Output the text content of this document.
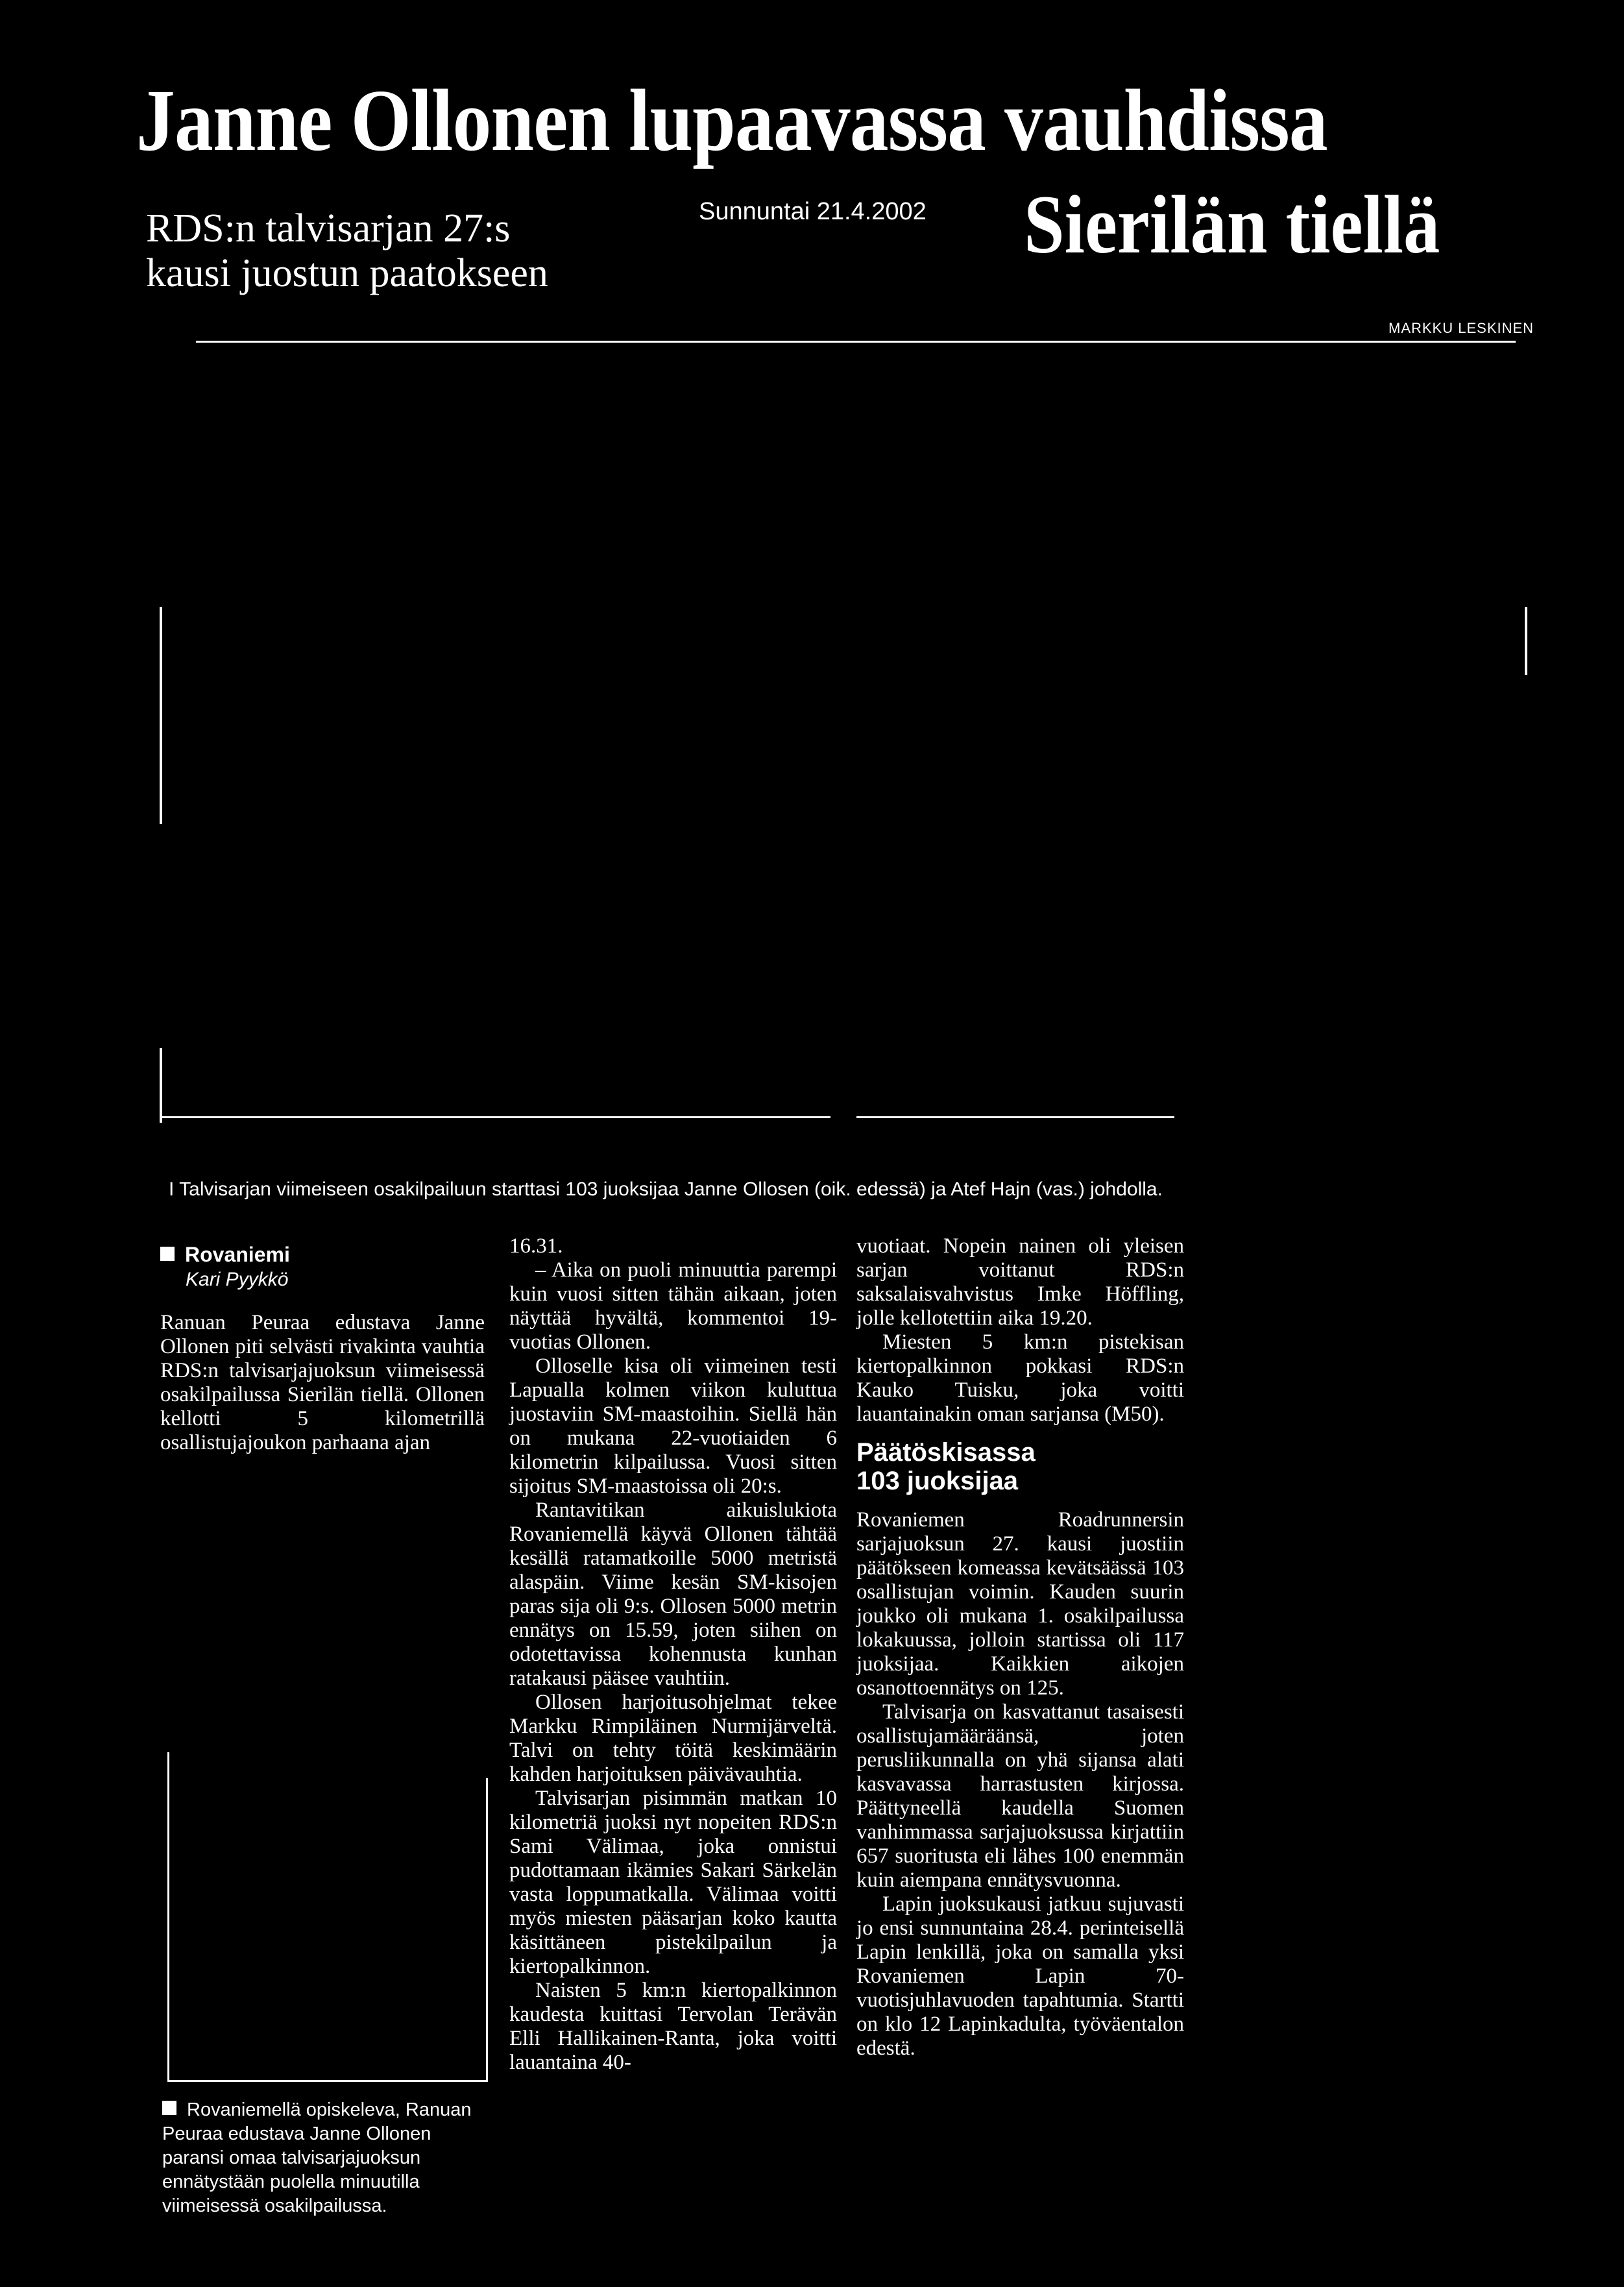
Janne Ollonen lupaavassa vauhdissa
RDS:n talvisarjan 27:s
kausi juostun paatokseen
Sunnuntai 21.4.2002 Sierilän tiellä
MARKKU LESKINEN
I Talvisarjan viimeiseen osakilpailuun starttasi 103 juoksijaa Janne Ollosen (oik. edessä) ja Atef Hajn (vas.) johdolla.
Rovaniemi
Kari Pyykkö

Ranuan Peuraa edustava Janne Ollonen piti selvästi rivakinta vauhtia RDS:n talvisarjajuoksun viimeisessä osakilpailussa Sierilän tiellä. Ollonen kellotti 5 kilometrillä osallistujajoukon parhaana ajan

Rovaniemellä opiskeleva, Ranuan Peuraa edustava Janne Ollonen paransi omaa talvisarjajuoksun ennätystään puolella minuutilla viimeisessä osakilpailussa.

16.31.

– Aika on puoli minuuttia parempi kuin vuosi sitten tähän aikaan, joten näyttää hyvältä, kommentoi 19-vuotias Ollonen.

Olloselle kisa oli viimeinen testi Lapualla kolmen viikon kuluttua juostaviin SM-maastoihin. Siellä hän on mukana 22-vuotiaiden 6 kilometrin kilpailussa. Vuosi sitten sijoitus SM-maastoissa oli 20:s.

Rantavitikan aikuislukiota Rovaniemellä käyvä Ollonen tähtää kesällä ratamatkoille 5000 metristä alaspäin. Viime kesän SM-kisojen paras sija oli 9:s. Ollosen 5000 metrin ennätys on 15.59, joten siihen on odotettavissa kohennusta kunhan ratakausi pääsee vauhtiin.

Ollosen harjoitusohjelmat tekee Markku Rimpiläinen Nurmijärveltä. Talvi on tehty töitä keskimäärin kahden harjoituksen päivävauhtia.

Talvisarjan pisimmän matkan 10 kilometriä juoksi nyt nopeiten RDS:n Sami Välimaa, joka onnistui pudottamaan ikämies Sakari Särkelän vasta loppumatkalla. Välimaa voitti myös miesten pääsarjan koko kautta käsittäneen pistekilpailun ja kiertopalkinnon.

Naisten 5 km:n kiertopalkinnon kaudesta kuittasi Tervolan Terävän Elli Hallikainen-Ranta, joka voitti lauantaina 40-

vuotiaat. Nopein nainen oli yleisen sarjan voittanut RDS:n saksalaisvahvistus Imke Höffling, jolle kellotettiin aika 19.20.

Miesten 5 km:n pistekisan kiertopalkinnon pokkasi RDS:n Kauko Tuisku, joka voitti lauantainakin oman sarjansa (M50).

Päätöskisassa
103 juoksijaa

Rovaniemen Roadrunnersin sarjajuoksun 27. kausi juostiin päätökseen komeassa kevätsäässä 103 osallistujan voimin. Kauden suurin joukko oli mukana 1. osakilpailussa lokakuussa, jolloin startissa oli 117 juoksijaa. Kaikkien aikojen osanottoennätys on 125.

Talvisarja on kasvattanut tasaisesti osallistujamääräänsä, joten perusliikunnalla on yhä sijansa alati kasvavassa harrastusten kirjossa. Päättyneellä kaudella Suomen vanhimmassa sarjajuoksussa kirjattiin 657 suoritusta eli lähes 100 enemmän kuin aiempana ennätysvuonna.

Lapin juoksukausi jatkuu sujuvasti jo ensi sunnuntaina 28.4. perinteisellä Lapin lenkillä, joka on samalla yksi Rovaniemen Lapin 70-vuotisjuhlavuoden tapahtumia. Startti on klo 12 Lapinkadulta, työväentalon edestä.
